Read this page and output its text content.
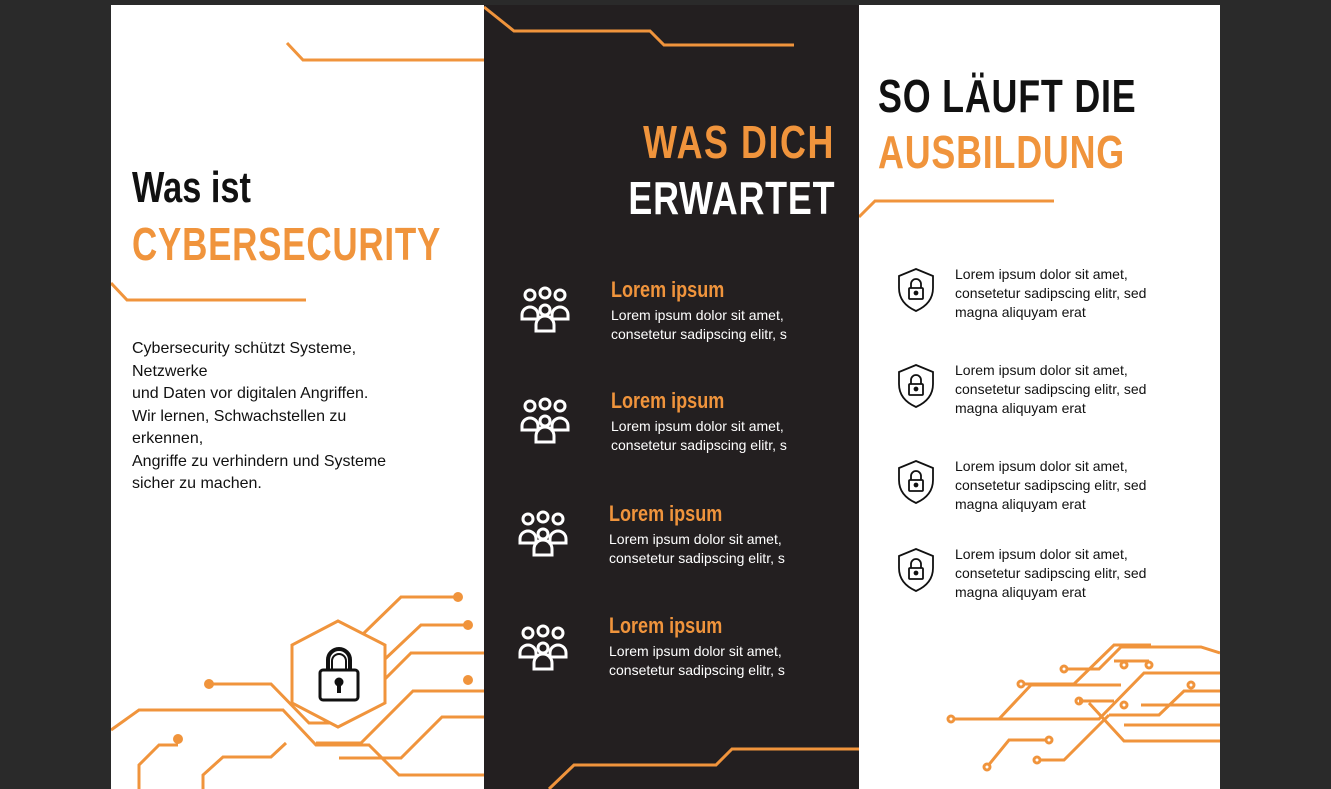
Was ist
CYBERSECURITY
Cybersecurity schützt Systeme,
Netzwerke
und Daten vor digitalen Angriffen.
Wir lernen, Schwachstellen zu
erkennen,
Angriffe zu verhindern und Systeme
sicher zu machen.
WAS DICH
ERWARTET
Lorem ipsum
Lorem ipsum dolor sit amet,
consetetur sadipscing elitr, s
Lorem ipsum
Lorem ipsum dolor sit amet,
consetetur sadipscing elitr, s
Lorem ipsum
Lorem ipsum dolor sit amet,
consetetur sadipscing elitr, s
Lorem ipsum
Lorem ipsum dolor sit amet,
consetetur sadipscing elitr, s
SO LÄUFT DIE
AUSBILDUNG
Lorem ipsum dolor sit amet,
consetetur sadipscing elitr, sed
magna aliquyam erat
Lorem ipsum dolor sit amet,
consetetur sadipscing elitr, sed
magna aliquyam erat
Lorem ipsum dolor sit amet,
consetetur sadipscing elitr, sed
magna aliquyam erat
Lorem ipsum dolor sit amet,
consetetur sadipscing elitr, sed
magna aliquyam erat
